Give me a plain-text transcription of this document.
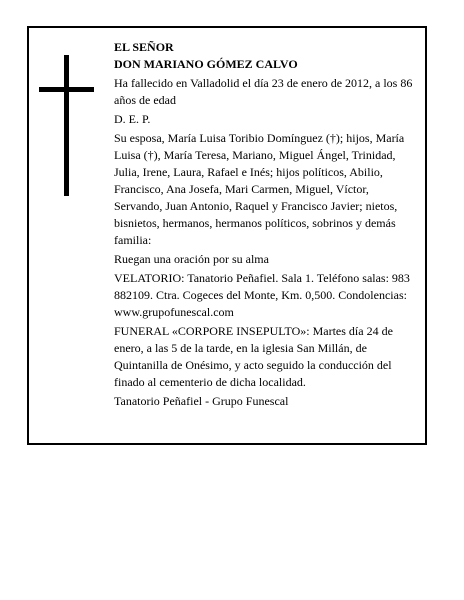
EL SEÑOR

DON MARIANO GÓMEZ CALVO

Ha fallecido en Valladolid el día 23 de enero de 2012, a los 86 años de edad

D. E. P.

Su esposa, María Luisa Toribio Domínguez (†); hijos, María Luisa (†), María Teresa, Mariano, Miguel Ángel, Trinidad, Julia, Irene, Laura, Rafael e Inés; hijos políticos, Abilio, Francisco, Ana Josefa, Mari Carmen, Miguel, Víctor, Servando, Juan Antonio, Raquel y Francisco Javier; nietos, bisnietos, hermanos, hermanos políticos, sobrinos y demás familia:

Ruegan una oración por su alma

VELATORIO: Tanatorio Peñafiel. Sala 1. Teléfono salas: 983 882109. Ctra. Cogeces del Monte, Km. 0,500. Condolencias: www.grupofunescal.com

FUNERAL «CORPORE INSEPULTO»: Martes día 24 de enero, a las 5 de la tarde, en la iglesia San Millán, de Quintanilla de Onésimo, y acto seguido la conducción del finado al cementerio de dicha localidad.

Tanatorio Peñafiel - Grupo Funescal
